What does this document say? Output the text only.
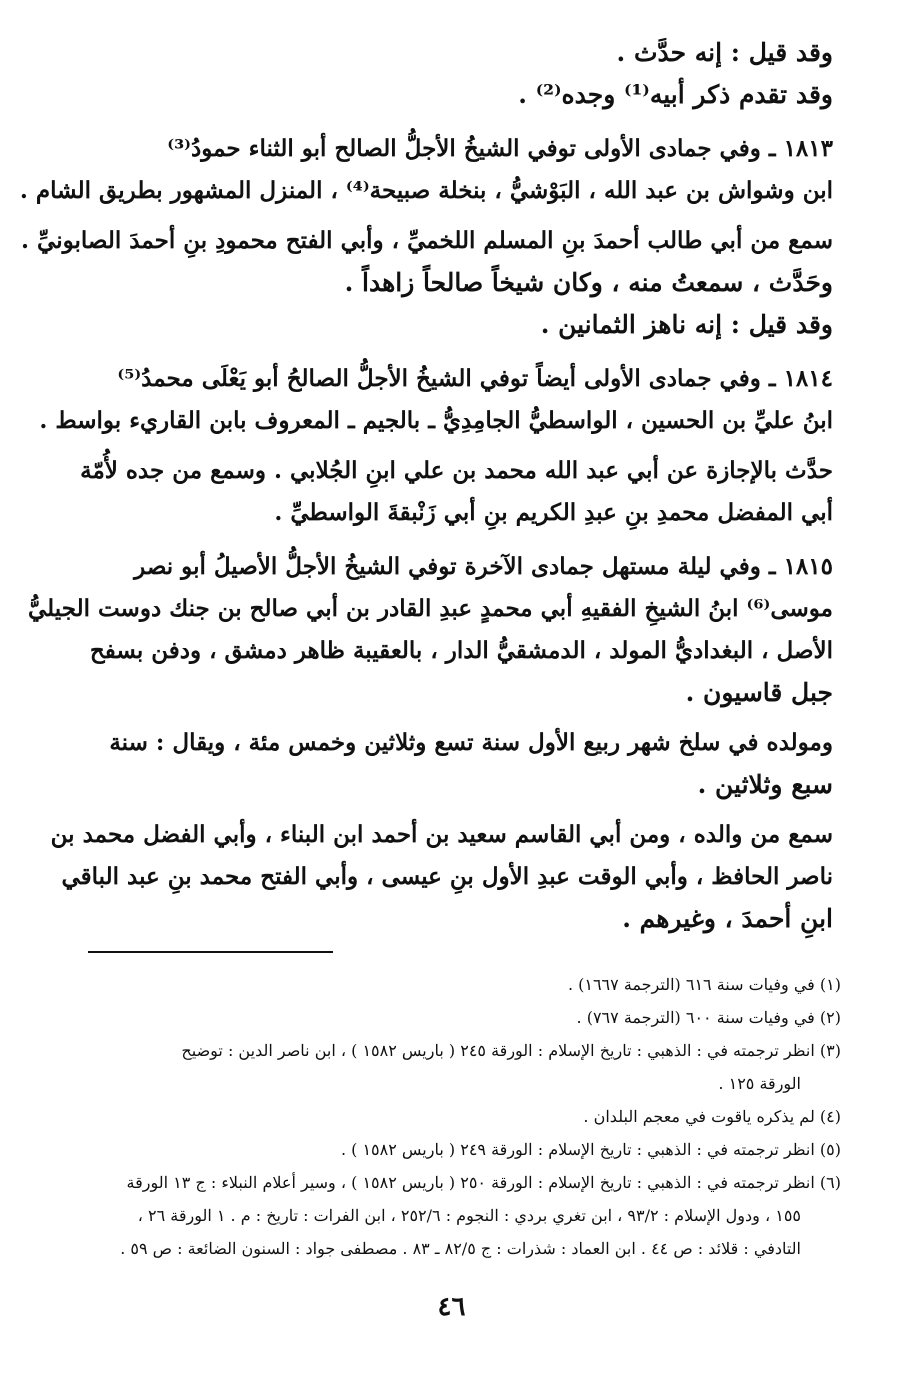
وقد قيل : إنه حدَّث .
وقد تقدم ذكر أبيه⁽¹⁾ وجده⁽²⁾ .
١٨١٣ ـ وفي جمادى الأولى توفي الشيخُ الأجلُّ الصالح أبو الثناء حمودُ⁽³⁾
ابن وشواش بن عبد الله ، البَوْشيُّ ، بنخلة صبيحة⁽⁴⁾ ، المنزل المشهور بطريق الشام .
سمع من أبي طالب أحمدَ بنِ المسلم اللخميِّ ، وأبي الفتح محمودِ بنِ أحمدَ الصابونيِّ .
وحَدَّث ، سمعتُ منه ، وكان شيخاً صالحاً زاهداً .
وقد قيل : إنه ناهز الثمانين .
١٨١٤ ـ وفي جمادى الأولى أيضاً توفي الشيخُ الأجلُّ الصالحُ أبو يَعْلَى محمدُ⁽⁵⁾
ابنُ عليِّ بن الحسين ، الواسطيُّ الجامِدِيُّ ـ بالجيم ـ المعروف بابن القاريء بواسط .
حدَّث بالإجازة عن أبي عبد الله محمد بن علي ابنِ الجُلابي . وسمع من جده لأُمّة
أبي المفضل محمدِ بنِ عبدِ الكريم بنِ أبي زَنْبقةَ الواسطيِّ .
١٨١٥ ـ وفي ليلة مستهل جمادى الآخرة توفي الشيخُ الأجلُّ الأصيلُ أبو نصر
موسى⁽⁶⁾ ابنُ الشيخِ الفقيهِ أبي محمدٍ عبدِ القادر بن أبي صالح بن جنك دوست الجيليُّ
الأصل ، البغداديُّ المولد ، الدمشقيُّ الدار ، بالعقيبة ظاهر دمشق ، ودفن بسفح
جبل قاسيون .
ومولده في سلخ شهر ربيع الأول سنة تسع وثلاثين وخمس مئة ، ويقال : سنة
سبع وثلاثين .
سمع من والده ، ومن أبي القاسم سعيد بن أحمد ابن البناء ، وأبي الفضل محمد بن
ناصر الحافظ ، وأبي الوقت عبدِ الأول بنِ عيسى ، وأبي الفتح محمد بنِ عبد الباقي
ابنِ أحمدَ ، وغيرهم .
(١) في وفيات سنة ٦١٦ (الترجمة ١٦٦٧) .
(٢) في وفيات سنة ٦٠٠ (الترجمة ٧٦٧) .
(٣) انظر ترجمته في : الذهبي : تاريخ الإسلام : الورقة ٢٤٥ ( باريس ١٥٨٢ ) ، ابن ناصر الدين : توضيح
الورقة ١٢٥ .
(٤) لم يذكره ياقوت في معجم البلدان .
(٥) انظر ترجمته في : الذهبي : تاريخ الإسلام : الورقة ٢٤٩ ( باريس ١٥٨٢ ) .
(٦) انظر ترجمته في : الذهبي : تاريخ الإسلام : الورقة ٢٥٠ ( باريس ١٥٨٢ ) ، وسير أعلام النبلاء : ج ١٣ الورقة
١٥٥ ، ودول الإسلام : ٩٣/٢ ، ابن تغري بردي : النجوم : ٢٥٢/٦ ، ابن الفرات : تاريخ : م . ١ الورقة ٢٦ ،
التادفي : قلائد : ص ٤٤ . ابن العماد : شذرات : ج ٨٢/٥ ـ ٨٣ . مصطفى جواد : السنون الضائعة : ص ٥٩ .
٤٦
